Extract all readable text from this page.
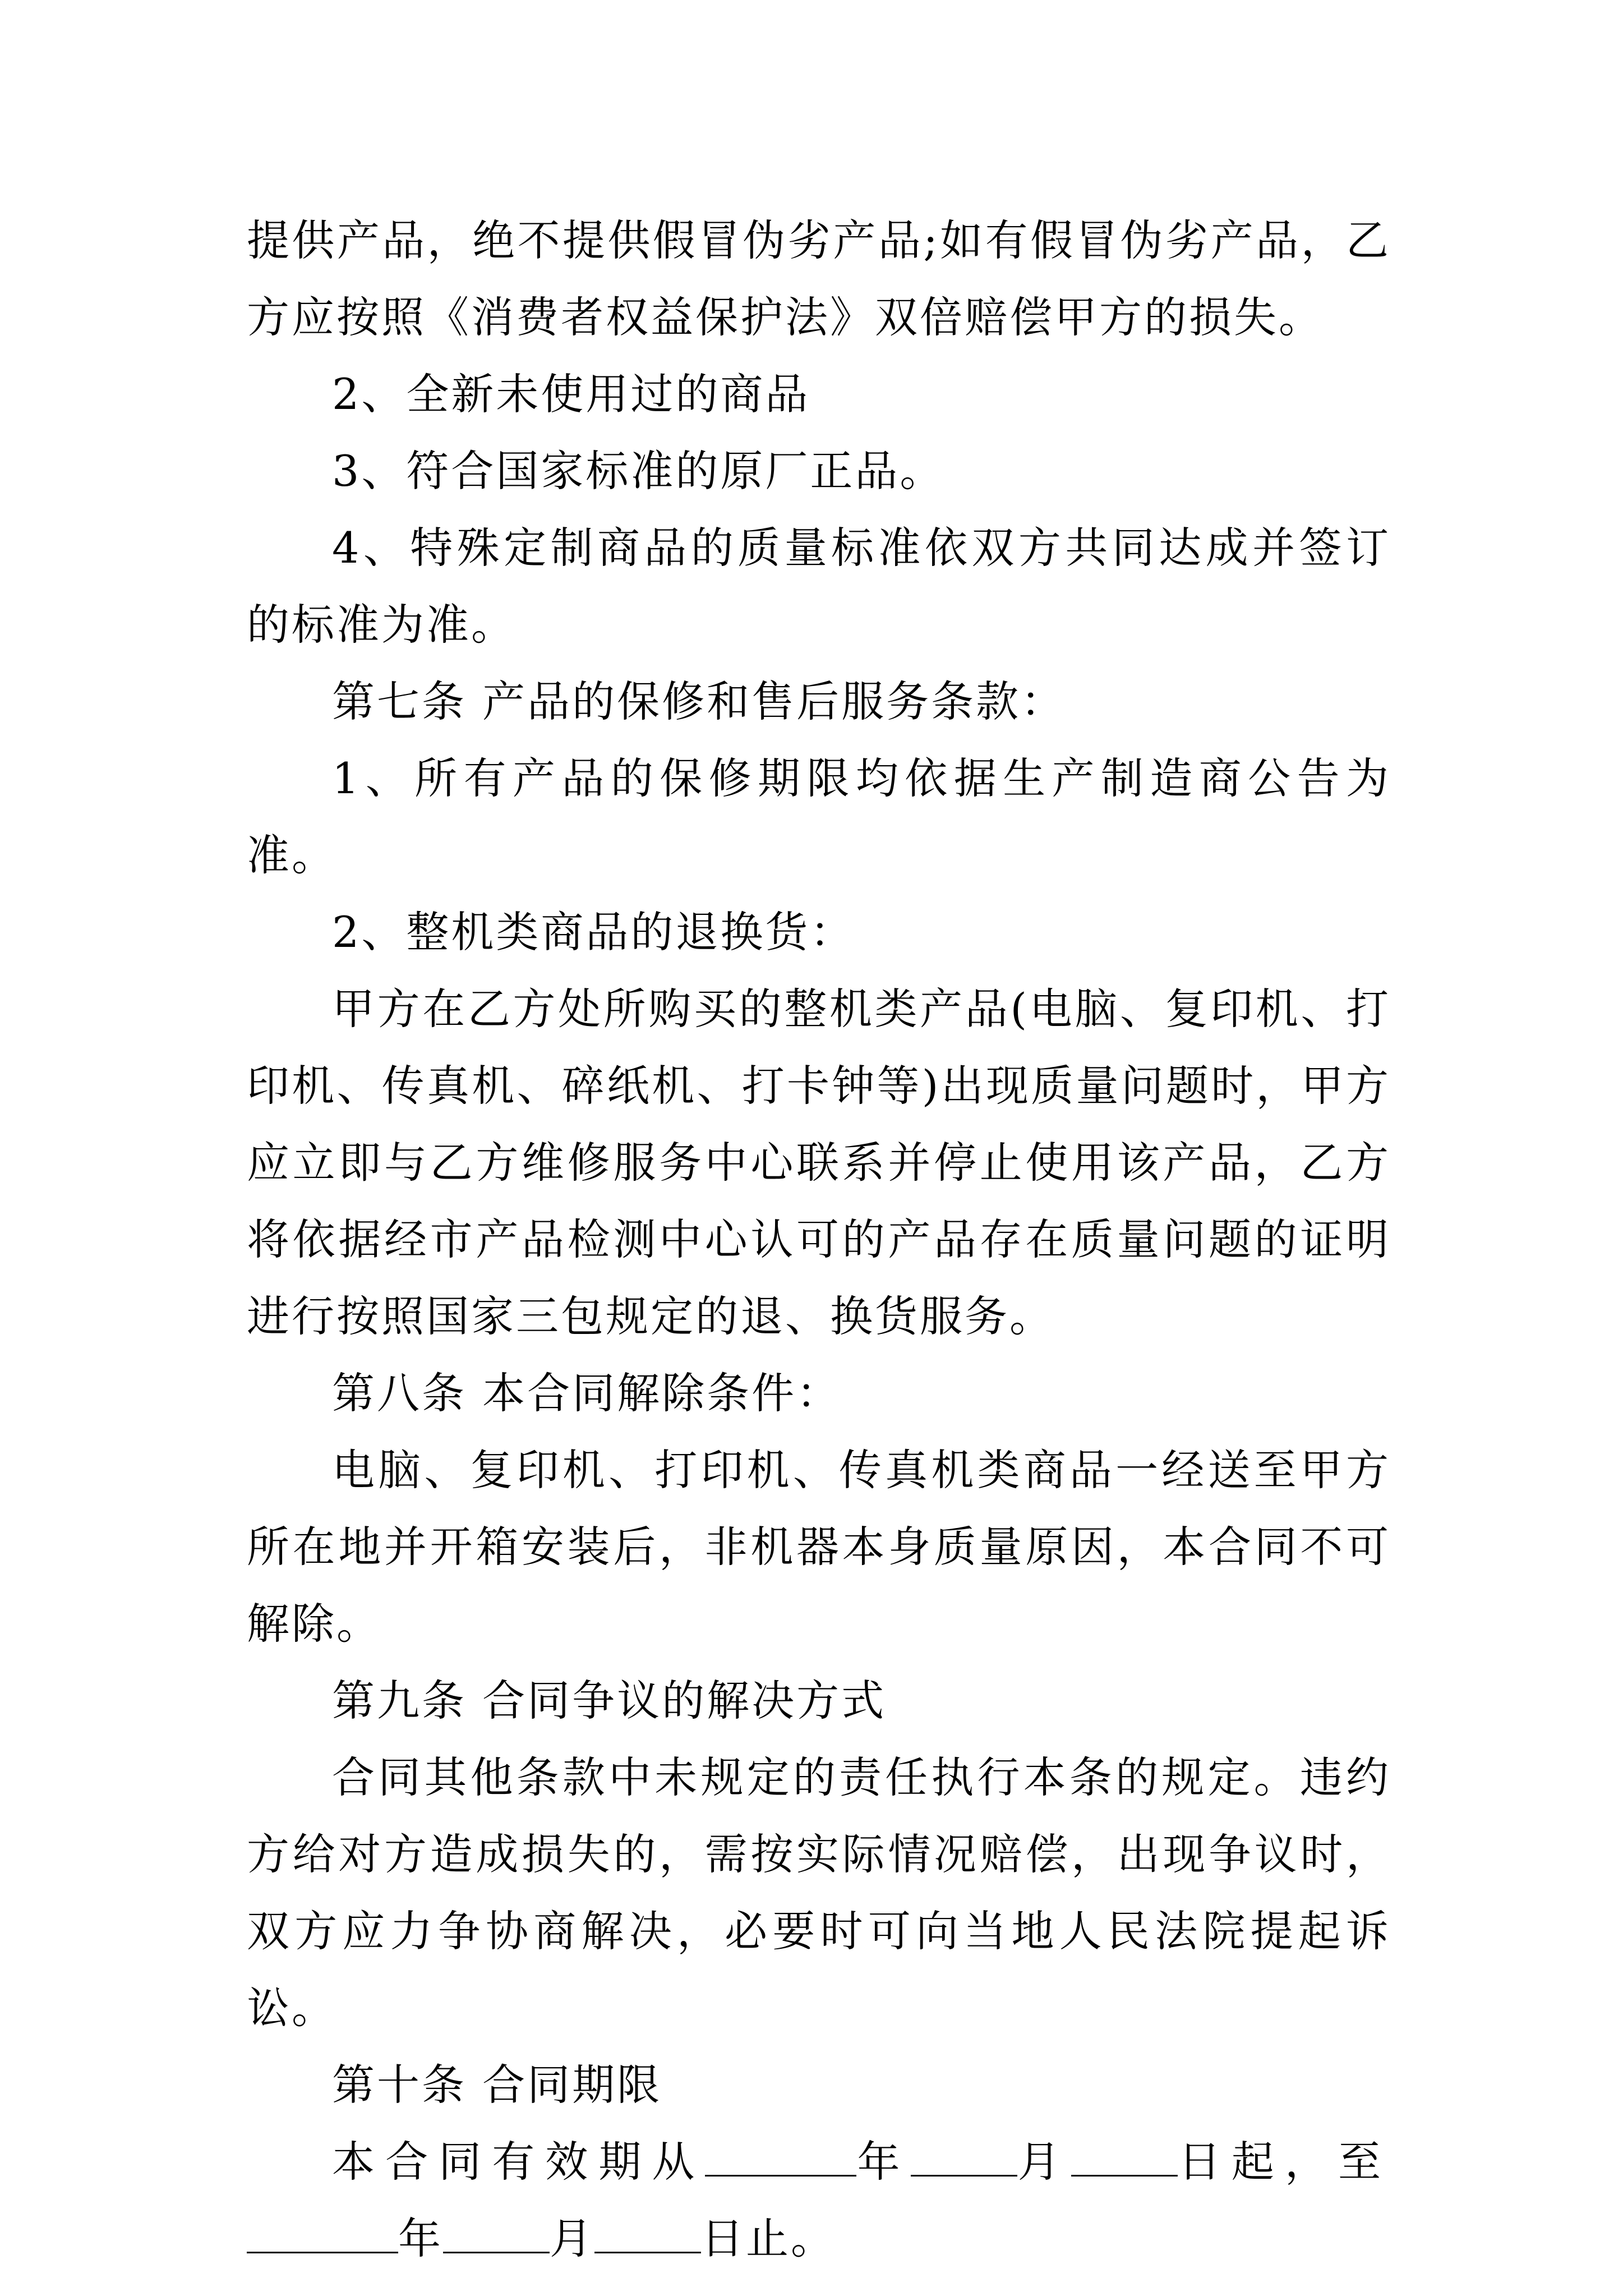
提供产品，绝不提供假冒伪劣产品;如有假冒伪劣产品，乙方应按照《消费者权益保护法》双倍赔偿甲方的损失。

2、全新未使用过的商品

3、符合国家标准的原厂正品。

4、特殊定制商品的质量标准依双方共同达成并签订的标准为准。

第七条 产品的保修和售后服务条款：

1、所有产品的保修期限均依据生产制造商公告为准。

2、整机类商品的退换货：

甲方在乙方处所购买的整机类产品(电脑、复印机、打印机、传真机、碎纸机、打卡钟等)出现质量问题时，甲方应立即与乙方维修服务中心联系并停止使用该产品，乙方将依据经市产品检测中心认可的产品存在质量问题的证明进行按照国家三包规定的退、换货服务。

第八条 本合同解除条件：

电脑、复印机、打印机、传真机类商品一经送至甲方所在地并开箱安装后，非机器本身质量原因，本合同不可解除。

第九条 合同争议的解决方式

合同其他条款中未规定的责任执行本条的规定。违约方给对方造成损失的，需按实际情况赔偿，出现争议时，双方应力争协商解决，必要时可向当地人民法院提起诉讼。

第十条 合同期限

本合同有效期从	年	月	日起，至

年	月	日止。
